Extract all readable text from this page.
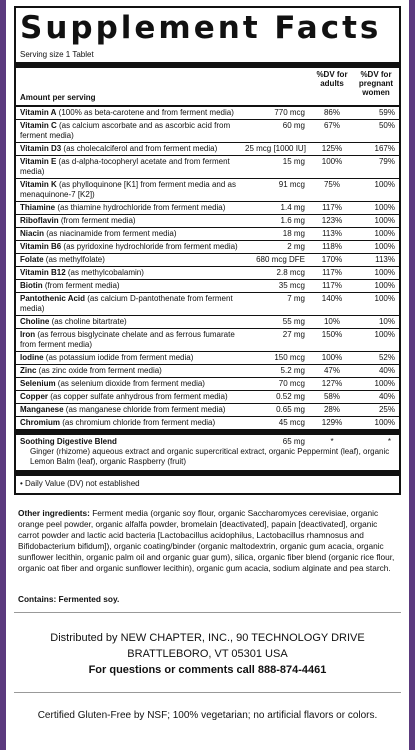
Supplement Facts
Serving size 1 Tablet
Amount per serving
%DV for adults
%DV for pregnant women
Vitamin A (100% as beta-carotene and from ferment media)	770 mcg	86%	59%
Vitamin C (as calcium ascorbate and as ascorbic acid from ferment media)
60 mg	67%	50%
Vitamin D3 (as cholecalciferol and from ferment media)	25 mcg [1000 IU]	125%	167%
Vitamin E (as d-alpha-tocopheryl acetate and from ferment media)
15 mg	100%	79%
Vitamin K (as phylloquinone [K1] from ferment media and as menaquinone-7 [K2])
91 mcg	75%	100%
Thiamine (as thiamine hydrochloride from ferment media)	1.4 mg	117%	100%
Riboflavin (from ferment media)	1.6 mg	123%	100%
Niacin (as niacinamide from ferment media)	18 mg	113%	100%
Vitamin B6 (as pyridoxine hydrochloride from ferment media)	2 mg	118%	100%
Folate (as methylfolate)	680 mcg DFE	170%	113%
Vitamin B12 (as methylcobalamin)	2.8 mcg	117%	100%
Biotin (from ferment media)	35 mcg	117%	100%
Pantothenic Acid (as calcium D-pantothenate from ferment media)
7 mg	140%	100%
Choline (as choline bitartrate)	55 mg	10%	10%
Iron (as ferrous bisglycinate chelate and as ferrous fumarate from ferment media)
27 mg	150%	100%
Iodine (as potassium iodide from ferment media)	150 mcg	100%	52%
Zinc (as zinc oxide from ferment media)	5.2 mg	47%	40%
Selenium (as selenium dioxide from ferment media)	70 mcg	127%	100%
Copper (as copper sulfate anhydrous from ferment media)	0.52 mg	58%	40%
Manganese (as manganese chloride from ferment media)	0.65 mg	28%	25%
Chromium (as chromium chloride from ferment media)	45 mcg	129%	100%
Soothing Digestive Blend	65 mg	*	*
Ginger (rhizome) aqueous extract and organic supercritical extract, organic Peppermint (leaf), organic Lemon Balm (leaf), organic Raspberry (fruit)
• Daily Value (DV) not established
Other ingredients: Ferment media (organic soy flour, organic Saccharomyces cerevisiae, organic orange peel powder, organic alfalfa powder, bromelain [deactivated], papain [deactivated], organic carrot powder and lactic acid bacteria [Lactobacillus acidophilus, Lactobacillus rhamnosus and Bifidobacterium bifidum]), organic coating/binder (organic maltodextrin, organic gum acacia, organic sunflower lecithin, organic palm oil and organic guar gum), silica, organic fiber blend (organic rice flour, organic oat fiber and organic sunflower lecithin), organic gum acacia, sodium alginate and pea starch.
Contains: Fermented soy.
Distributed by NEW CHAPTER, INC., 90 TECHNOLOGY DRIVE
BRATTLEBORO, VT 05301 USA
For questions or comments call 888-874-4461
Certified Gluten-Free by NSF; 100% vegetarian; no artificial flavors or colors.
